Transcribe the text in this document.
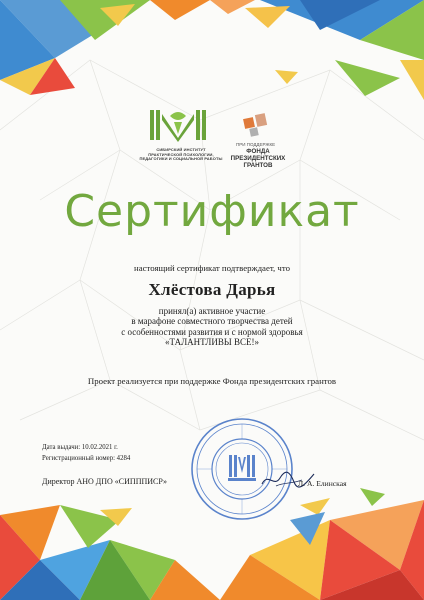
СИБИРСКИЙ ИНСТИТУТ
ПРАКТИЧЕСКОЙ ПСИХОЛОГИИ,
ПЕДАГОГИКИ И СОЦИАЛЬНОЙ РАБОТЫ
ПРИ ПОДДЕРЖКЕ
ФОНДА
ПРЕЗИДЕНТСКИХ
ГРАНТОВ
Сертификат
настоящий сертификат подтверждает, что
Хлёстова Дарья
принял(а) активное участие
в марафоне совместного творчества детей
с особенностями развития и с нормой здоровья
«ТАЛАНТЛИВЫ ВСЕ!»
Проект реализуется при поддержке Фонда президентских грантов
Дата выдачи: 10.02.2021 г.
Регистрационный номер: 4284
Директор АНО ДПО «СИПППИСР»	Л. А. Елинская
